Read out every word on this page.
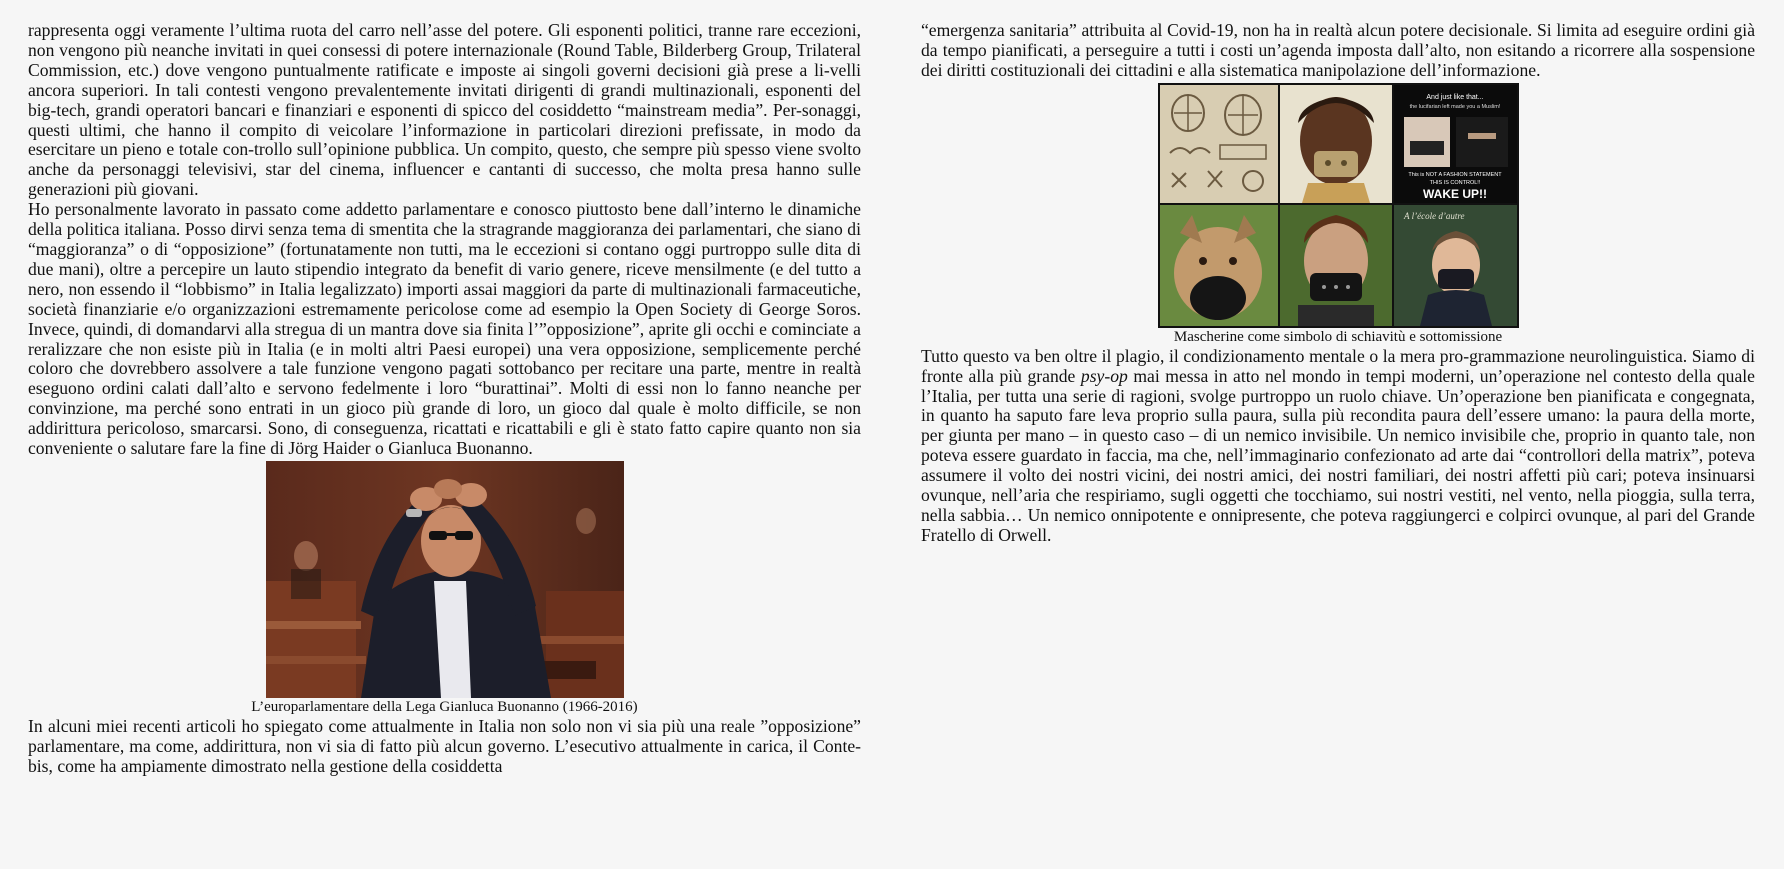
rappresenta oggi veramente l’ultima ruota del carro nell’asse del potere. Gli esponenti politici, tranne rare eccezioni, non vengono più neanche invitati in quei consessi di potere internazionale (Round Table, Bilderberg Group, Trilateral Commission, etc.) dove vengono puntualmente ratificate e imposte ai singoli governi decisioni già prese a li-velli ancora superiori. In tali contesti vengono prevalentemente invitati dirigenti di grandi multinazionali, esponenti del big-tech, grandi operatori bancari e finanziari e esponenti di spicco del cosiddetto “mainstream media”. Per-sonaggi, questi ultimi, che hanno il compito di veicolare l’informazione in particolari direzioni prefissate, in modo da esercitare un pieno e totale con-trollo sull’opinione pubblica. Un compito, questo, che sempre più spesso viene svolto anche da personaggi televisivi, star del cinema, influencer e cantanti di successo, che molta presa hanno sulle generazioni più giovani.

Ho personalmente lavorato in passato come addetto parlamentare e conosco piuttosto bene dall’interno le dinamiche della politica italiana. Posso dirvi senza tema di smentita che la stragrande maggioranza dei parlamentari, che siano di “maggioranza” o di “opposizione” (fortunatamente non tutti, ma le eccezioni si contano oggi purtroppo sulle dita di due mani), oltre a percepire un lauto stipendio integrato da benefit di vario genere, riceve mensilmente (e del tutto a nero, non essendo il “lobbismo” in Italia legalizzato) importi assai maggiori da parte di multinazionali farmaceutiche, società finanziarie e/o organizzazioni estremamente pericolose come ad esempio la Open Society di George Soros. Invece, quindi, di domandarvi alla stregua di un mantra dove sia finita l’”opposizione”, aprite gli occhi e cominciate a reralizzare che non esiste più in Italia (e in molti altri Paesi europei) una vera opposizione, semplicemente perché coloro che dovrebbero assolvere a tale funzione vengono pagati sottobanco per recitare una parte, mentre in realtà eseguono ordini calati dall’alto e servono fedelmente i loro “burattinai”. Molti di essi non lo fanno neanche per convinzione, ma perché sono entrati in un gioco più grande di loro, un gioco dal quale è molto difficile, se non addirittura pericoloso, smarcarsi. Sono, di conseguenza, ricattati e ricattabili e gli è stato fatto capire quanto non sia conveniente o salutare fare la fine di Jörg Haider o Gianluca Buonanno.

L’europarlamentare della Lega Gianluca Buonanno (1966-2016)

In alcuni miei recenti articoli ho spiegato come attualmente in Italia non solo non vi sia più una reale ”opposizione” parlamentare, ma come, addirittura, non vi sia di fatto più alcun governo. L’esecutivo attualmente in carica, il Conte-bis, come ha ampiamente dimostrato nella gestione della cosiddetta

“emergenza sanitaria” attribuita al Covid-19, non ha in realtà alcun potere decisionale. Si limita ad eseguire ordini già da tempo pianificati, a perseguire a tutti i costi un’agenda imposta dall’alto, non esitando a ricorrere alla sospensione dei diritti costituzionali dei cittadini e alla sistematica manipolazione dell’informazione.

And just like that...
the lucifarian left made you a Muslim!
This is NOT A FASHION STATEMENT
THIS IS CONTROL!!
WAKE UP!!
A l’école d’autre
Mascherine come simbolo di schiavitù e sottomissione

Tutto questo va ben oltre il plagio, il condizionamento mentale o la mera pro-grammazione neurolinguistica. Siamo di fronte alla più grande psy-op mai messa in atto nel mondo in tempi moderni, un’operazione nel contesto della quale l’Italia, per tutta una serie di ragioni, svolge purtroppo un ruolo chiave. Un’operazione ben pianificata e congegnata, in quanto ha saputo fare leva proprio sulla paura, sulla più recondita paura dell’essere umano: la paura della morte, per giunta per mano – in questo caso – di un nemico invisibile. Un nemico invisibile che, proprio in quanto tale, non poteva essere guardato in faccia, ma che, nell’immaginario confezionato ad arte dai “controllori della matrix”, poteva assumere il volto dei nostri vicini, dei nostri amici, dei nostri familiari, dei nostri affetti più cari; poteva insinuarsi ovunque, nell’aria che respiriamo, sugli oggetti che tocchiamo, sui nostri vestiti, nel vento, nella pioggia, sulla terra, nella sabbia… Un nemico onnipotente e onnipresente, che poteva raggiungerci e colpirci ovunque, al pari del Grande Fratello di Orwell.
